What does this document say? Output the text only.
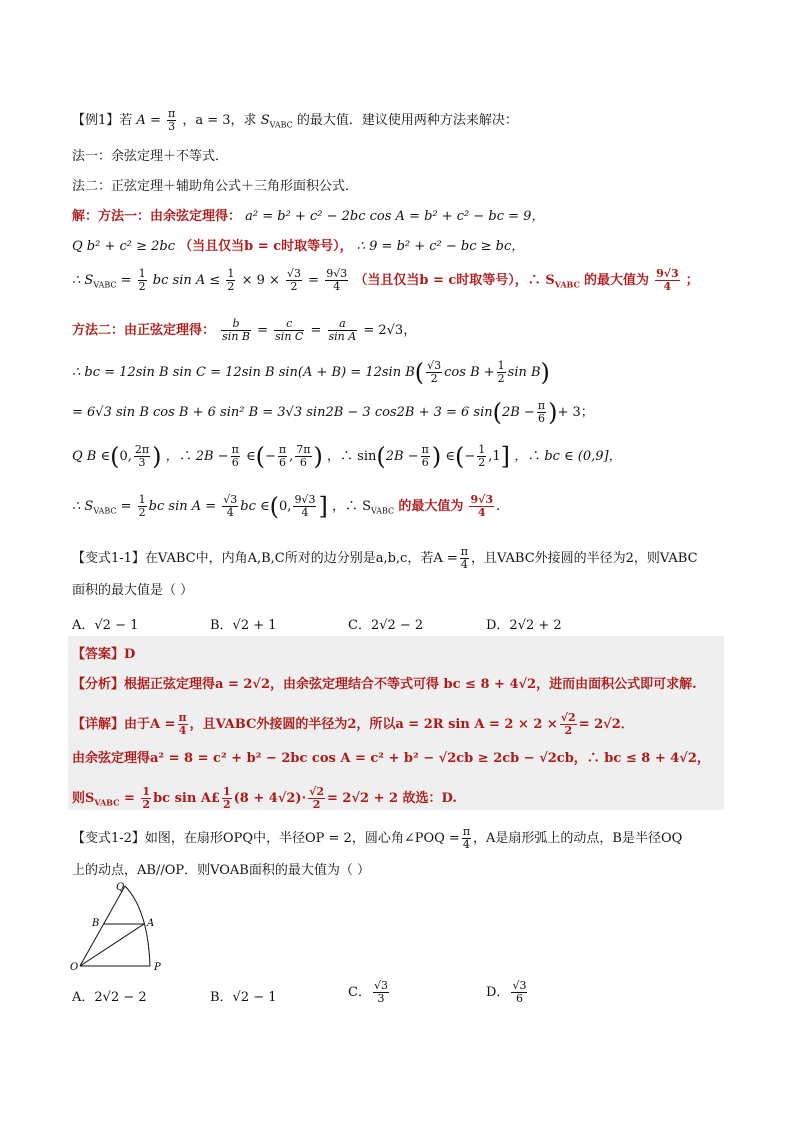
【例1】若 $A = \frac{\pi}{3}$ ，a = 3，求 $S_{VABC}$ 的最大值．建议使用两种方法来解决：
法一：余弦定理＋不等式．
法二：正弦定理＋辅助角公式＋三角形面积公式．
解：方法一：由余弦定理得： a² = b² + c² − 2bc cos A = b² + c² − bc = 9，
Q b² + c² ≥ 2bc （当且仅当b = c时取等号）， ∴ 9 = b² + c² − bc ≥ bc，
∴ $S_{VABC} = \frac{1}{2}$ bc $\sin A \le \frac{1}{2} \times 9 \times \frac{√3}{2} = \frac{9√3}{4}$ （当且仅当b = c时取等号），∴ $S_{VABC}$ 的最大值为 $\frac{9√3}{4}$ ；
方法二：由正弦定理得： $\frac{b}{\text{sin B}} = \frac{c}{\text{sin C}} = \frac{a}{\text{sin A}} = 2√3$，
∴ bc = 12sin B sin C = 12sin B sin(A + B) = 12sin $B( \frac{√3}{2}$ $\cos B + \frac{1}{2}$ sin B)
= 6√3 sin B cos B + 6 sin² B = 3√3 sin2B − 3 cos2B + 3 = 6 $\sin(2B - \frac{\pi}{6}$ )+ 3；
Q B ∈(0, $\frac{2\pi}{3}$ ) ，∴ $2B - \frac{\pi}{6}$ ∈(− $\frac{\pi}{6}$ , $\frac{7\pi}{6}$ ) ，∴ $\sin(2B - \frac{\pi}{6}$ ) ∈(− $\frac{1}{2} ,1$] ，∴ bc ∈ (0,9]，
∴ $S_{VABC} = \frac{1}{2}$ bc $\sin A = \frac{√3}{4}$ bc ∈(0, $\frac{9√3}{4}$ ] ，∴ $S_{VABC}$ 的最大值为 $\frac{9√3}{4}$ .
【变式1-1】在VABC中，内角A,B,C所对的边分别是a,b,c，若$A = \frac{\pi}{4}$ ，且VABC外接圆的半径为2，则VABC
面积的最大值是（ ）
A．√2 − 1	B．√2 + 1	C．2√2 − 2	D．2√2 + 2
【答案】D
【分析】根据正弦定理得a = 2√2，由余弦定理结合不等式可得 bc ≤ 8 + 4√2，进而由面积公式即可求解.
【详解】由于$A = \frac{\pi}{4}$ ，且VABC外接圆的半径为2，所以a = 2R $\sin A = 2 \times 2 \times \frac{√2}{2} = 2√2$．
由余弦定理得a² = 8 = c² + b² − 2bc cos A = c² + b² − √2cb ≥ 2cb − √2cb，∴ bc ≤ 8 + 4√2，
则$S_{VABC} = \frac{1}{2}$ bc sin A£ $\frac{1}{2} (8 + 4√2)\cdot \frac{√2}{2} = 2√2 + 2$ 故选：D.
【变式1-2】如图，在扇形OPQ中，半径OP = 2，圆心角∠POQ = $\frac{\pi}{4}$ ，A是扇形弧上的动点，B是半径OQ
上的动点，AB//OP．则VOAB面积的最大值为（ ）
Q
B	A
O	P
A．2√2 − 2	B．√2 − 1	C． $\frac{√3}{3}$	D． $\frac{√3}{6}$
